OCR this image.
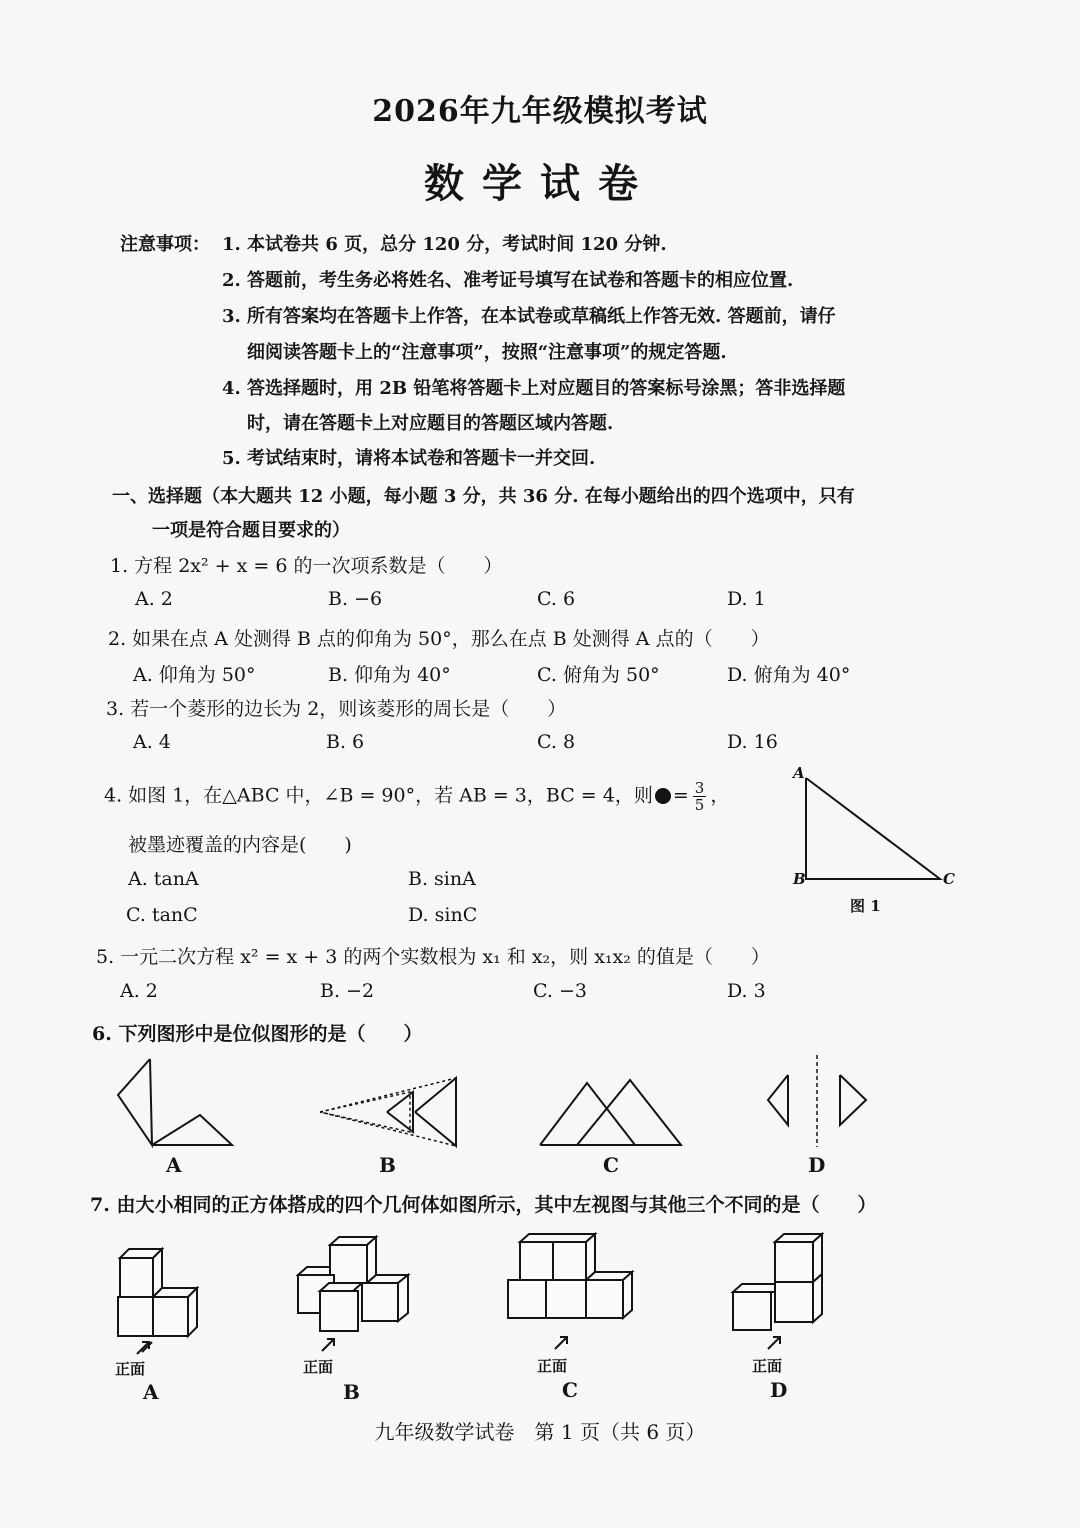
2026年九年级模拟考试
数学试卷
注意事项： 1. 本试卷共 6 页，总分 120 分，考试时间 120 分钟.
2. 答题前，考生务必将姓名、准考证号填写在试卷和答题卡的相应位置.
3. 所有答案均在答题卡上作答，在本试卷或草稿纸上作答无效. 答题前，请仔
细阅读答题卡上的“注意事项”，按照“注意事项”的规定答题.
4. 答选择题时，用 2B 铅笔将答题卡上对应题目的答案标号涂黑；答非选择题
时，请在答题卡上对应题目的答题区域内答题.
5. 考试结束时，请将本试卷和答题卡一并交回.
一、选择题（本大题共 12 小题，每小题 3 分，共 36 分. 在每小题给出的四个选项中，只有
一项是符合题目要求的）
1. 方程 2x² + x = 6 的一次项系数是（　　）
A. 2	B. −6	C. 6	D. 1
2. 如果在点 A 处测得 B 点的仰角为 50°，那么在点 B 处测得 A 点的（　　）
A. 仰角为 50°	B. 仰角为 40°	C. 俯角为 50°	D. 俯角为 40°
3. 若一个菱形的边长为 2，则该菱形的周长是（　　）
A. 4	B. 6	C. 8	D. 16
4. 如图 1，在△ABC 中，∠B = 90°，若 AB = 3，BC = 4，则 = $\frac{3}{5}$ ，
被墨迹覆盖的内容是(　　)
A. tanA	B. sinA
C. tanC	D. sinC
A
B	C
图 1
5. 一元二次方程 x² = x + 3 的两个实数根为 x₁ 和 x₂，则 x₁x₂ 的值是（　　）
A. 2	B. −2	C. −3	D. 3
6. 下列图形中是位似图形的是（　　）
A	B	C	D
7. 由大小相同的正方体搭成的四个几何体如图所示，其中左视图与其他三个不同的是（　　）
正面	正面	正面	正面
A	B	C	D
九年级数学试卷　第 1 页（共 6 页）
